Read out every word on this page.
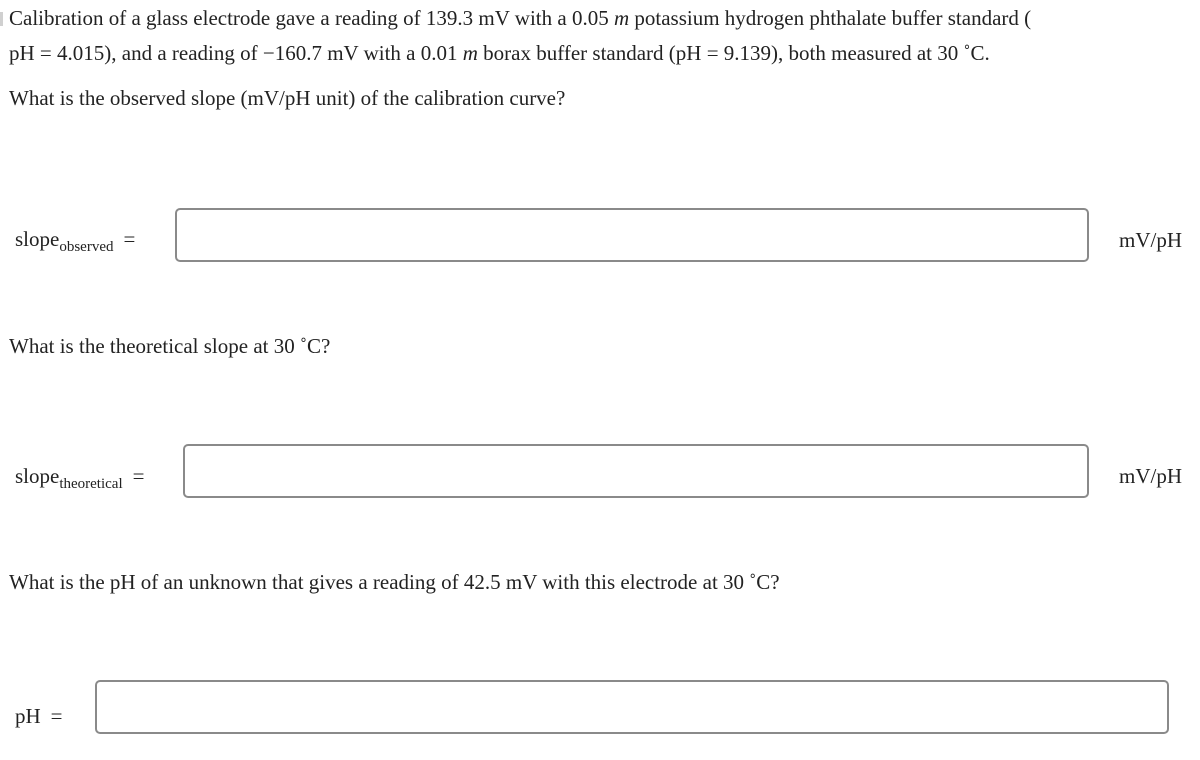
Calibration of a glass electrode gave a reading of 139.3 mV with a 0.05 m potassium hydrogen phthalate buffer standard (
pH = 4.015), and a reading of −160.7 mV with a 0.01 m borax buffer standard (pH = 9.139), both measured at 30 ˚C.
What is the observed slope (mV/pH unit) of the calibration curve?
slope$_{observed}$ =	mV/pH
What is the theoretical slope at 30 ˚C?
slope$_{theoretical}$ =	mV/pH
What is the pH of an unknown that gives a reading of 42.5 mV with this electrode at 30 ˚C?
pH =
